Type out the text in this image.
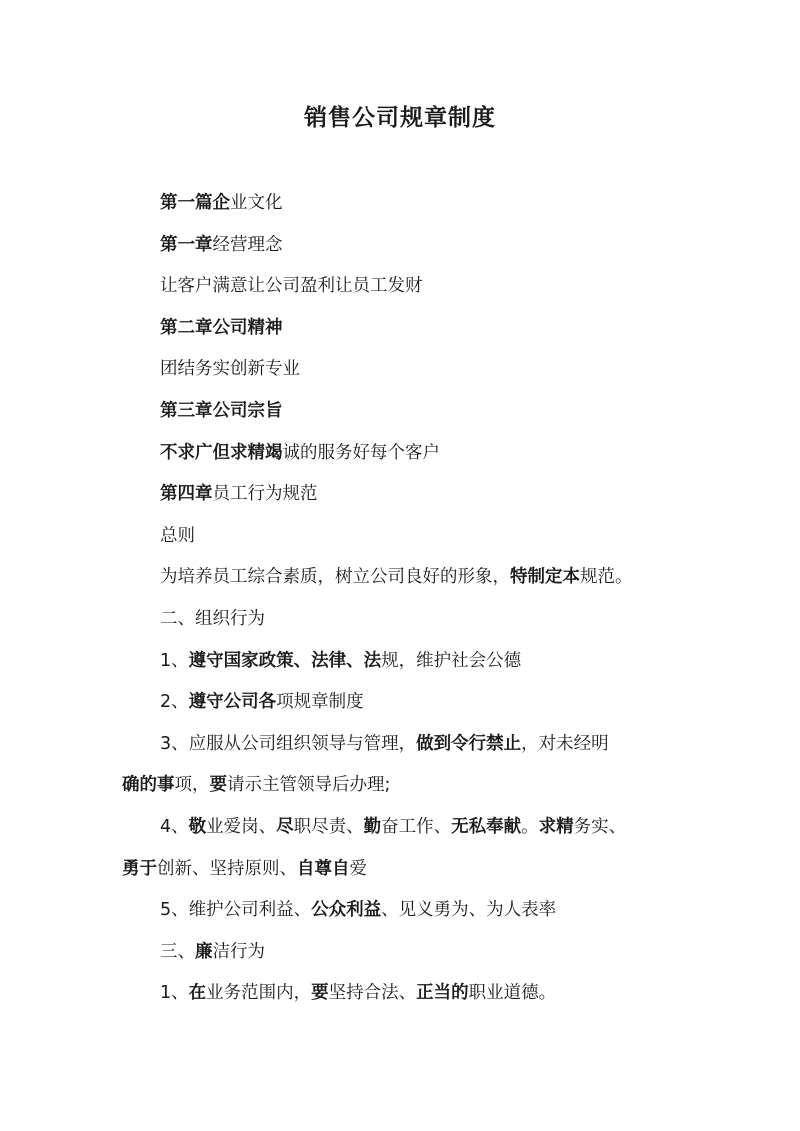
销售公司规章制度
第一篇企业文化
第一章经营理念
让客户满意让公司盈利让员工发财
第二章公司精神
团结务实创新专业
第三章公司宗旨
不求广但求精竭诚的服务好每个客户
第四章员工行为规范
总则
为培养员工综合素质，树立公司良好的形象，特制定本规范。
二、组织行为
1、遵守国家政策、法律、法规，维护社会公德
2、遵守公司各项规章制度
3、应服从公司组织领导与管理，做到令行禁止，对未经明
确的事项，要请示主管领导后办理;
4、敬业爱岗、尽职尽责、勤奋工作、无私奉献。求精务实、
勇于创新、坚持原则、自尊自爱
5、维护公司利益、公众利益、见义勇为、为人表率
三、廉洁行为
1、在业务范围内，要坚持合法、正当的职业道德。
